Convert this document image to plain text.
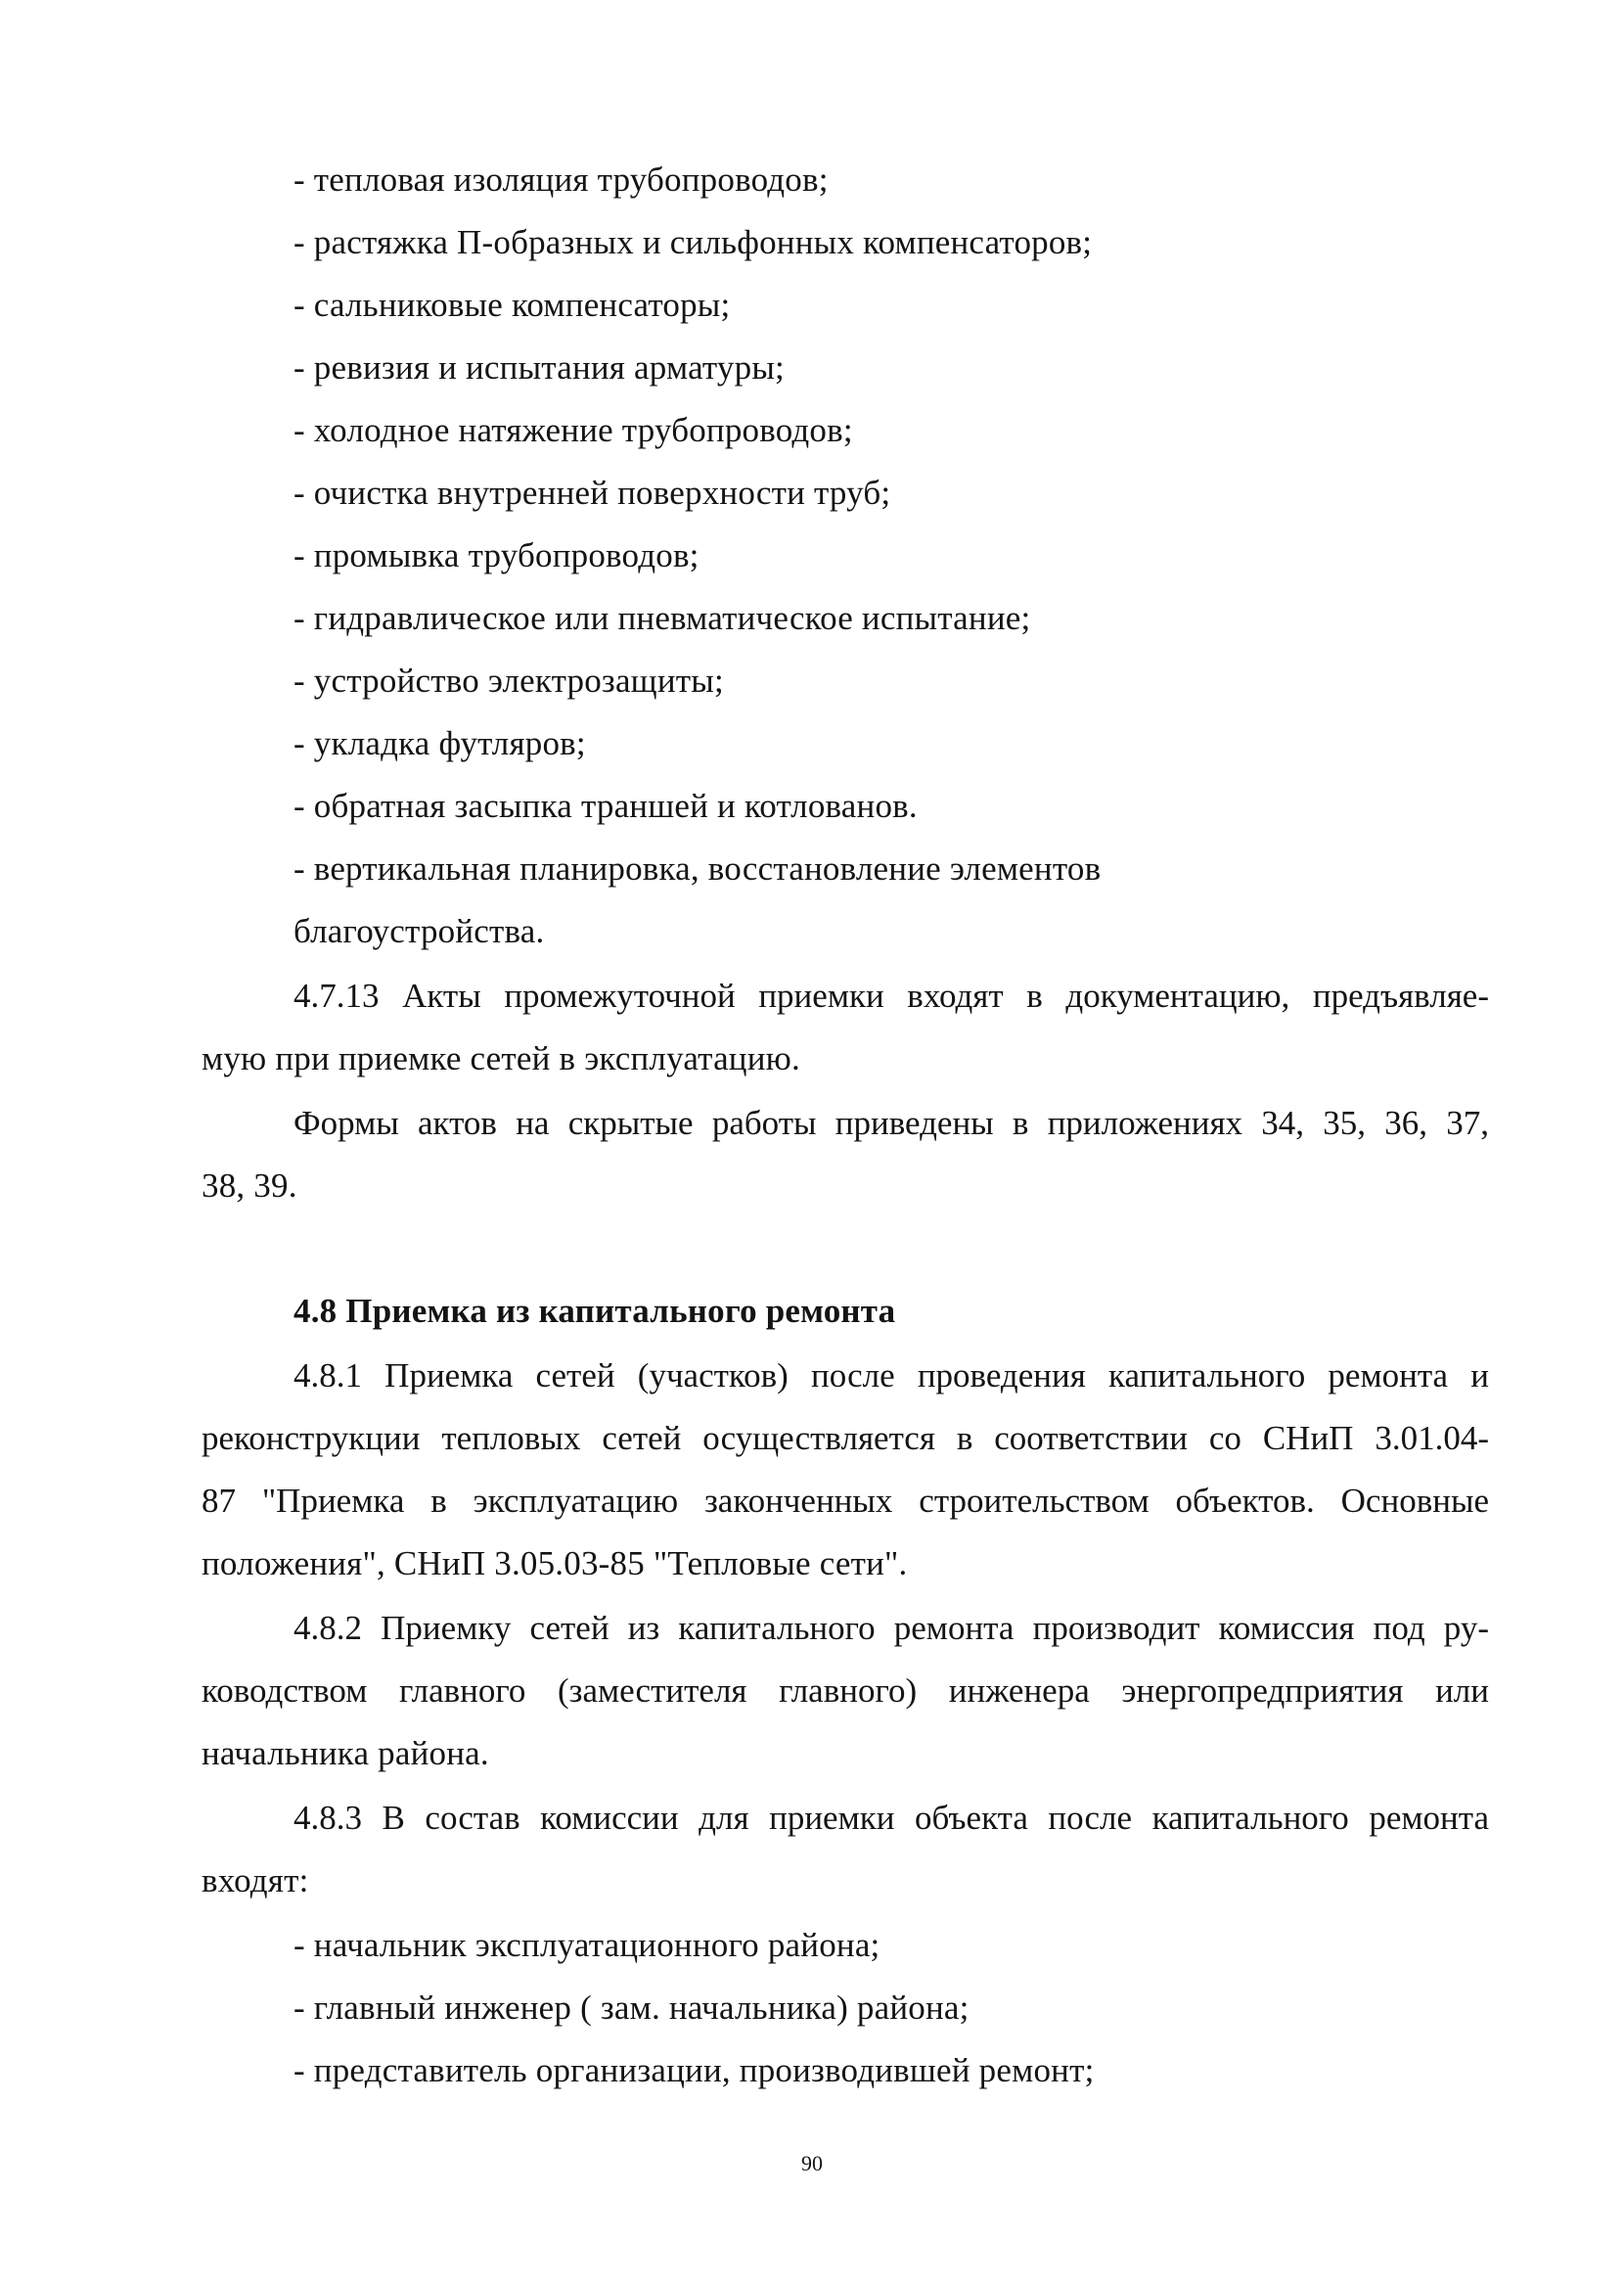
- тепловая изоляция трубопроводов;
- растяжка П-образных и сильфонных компенсаторов;
- сальниковые компенсаторы;
- ревизия и испытания арматуры;
- холодное натяжение трубопроводов;
- очистка внутренней поверхности труб;
- промывка трубопроводов;
- гидравлическое или пневматическое испытание;
- устройство электрозащиты;
- укладка футляров;
- обратная засыпка траншей и котлованов.
- вертикальная планировка, восстановление элементов
благоустройства.
4.7.13 Акты промежуточной приемки входят в документацию, предъявляе-
мую при приемке сетей в эксплуатацию.
Формы актов на скрытые работы приведены в приложениях 34, 35, 36, 37,
38, 39.
4.8 Приемка из капитального ремонта
4.8.1 Приемка сетей (участков) после проведения капитального ремонта и
реконструкции тепловых сетей осуществляется в соответствии со СНиП 3.01.04-
87 "Приемка в эксплуатацию законченных строительством объектов. Основные
положения", СНиП 3.05.03-85 "Тепловые сети".
4.8.2 Приемку сетей из капитального ремонта производит комиссия под ру-
ководством главного (заместителя главного) инженера энергопредприятия или
начальника района.
4.8.3 В состав комиссии для приемки объекта после капитального ремонта
входят:
- начальник эксплуатационного района;
- главный инженер ( зам. начальника) района;
- представитель организации, производившей ремонт;
90
